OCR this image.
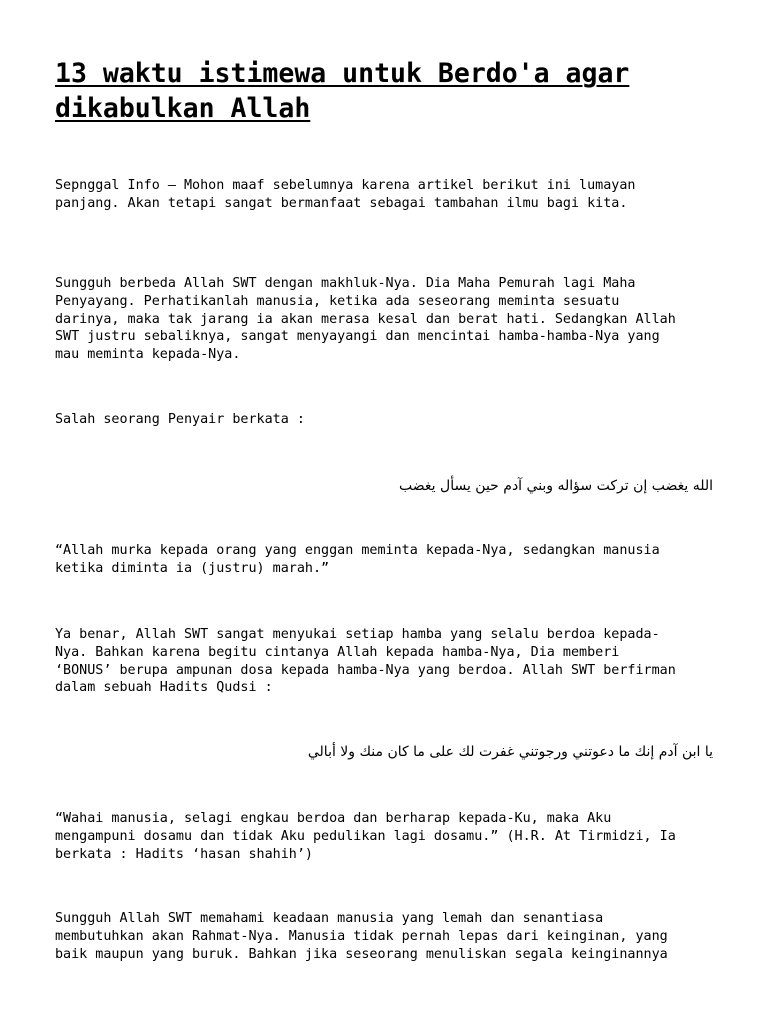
13 waktu istimewa untuk Berdo'a agar
dikabulkan Allah

Sepnggal Info – Mohon maaf sebelumnya karena artikel berikut ini lumayan
panjang. Akan tetapi sangat bermanfaat sebagai tambahan ilmu bagi kita.

Sungguh berbeda Allah SWT dengan makhluk-Nya. Dia Maha Pemurah lagi Maha
Penyayang. Perhatikanlah manusia, ketika ada seseorang meminta sesuatu
darinya, maka tak jarang ia akan merasa kesal dan berat hati. Sedangkan Allah
SWT justru sebaliknya, sangat menyayangi dan mencintai hamba-hamba-Nya yang
mau meminta kepada-Nya.

Salah seorang Penyair berkata :

الله يغضب إن تركت سؤاله وبني آدم حين يسأل يغضب

“Allah murka kepada orang yang enggan meminta kepada-Nya, sedangkan manusia
ketika diminta ia (justru) marah.”

Ya benar, Allah SWT sangat menyukai setiap hamba yang selalu berdoa kepada-
Nya. Bahkan karena begitu cintanya Allah kepada hamba-Nya, Dia memberi
‘BONUS’ berupa ampunan dosa kepada hamba-Nya yang berdoa. Allah SWT berfirman
dalam sebuah Hadits Qudsi :

يا ابن آدم إنك ما دعوتني ورجوتني غفرت لك على ما كان منك ولا أبالي

“Wahai manusia, selagi engkau berdoa dan berharap kepada-Ku, maka Aku
mengampuni dosamu dan tidak Aku pedulikan lagi dosamu.” (H.R. At Tirmidzi, Ia
berkata : Hadits ‘hasan shahih’)

Sungguh Allah SWT memahami keadaan manusia yang lemah dan senantiasa
membutuhkan akan Rahmat-Nya. Manusia tidak pernah lepas dari keinginan, yang
baik maupun yang buruk. Bahkan jika seseorang menuliskan segala keinginannya
